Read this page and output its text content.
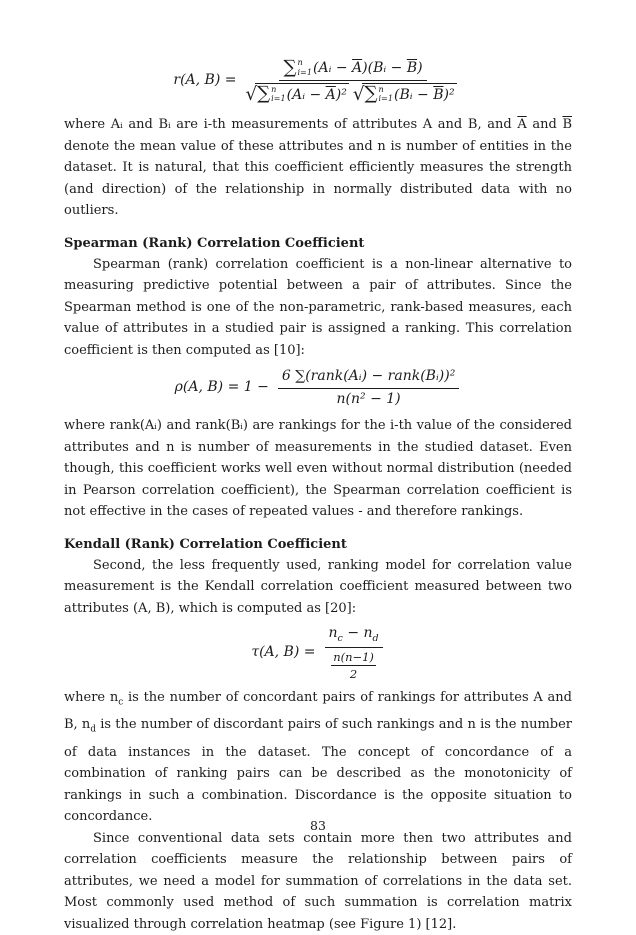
r(A, B) = ∑ n
i=1 (Aᵢ − $\overline{A})(Bᵢ - \overline{B})$
√ ∑ n
i=1 (Aᵢ − $\overline{A})^2$ √ ∑ n
i=1 (Bᵢ − $\overline{B})^2$

where Aᵢ and Bᵢ are i-th measurements of attributes A and B, and $\overline{A}$ and $\overline{B}$ denote the mean value of these attributes and n is number of entities in the dataset. It is natural, that this coefficient efficiently measures the strength (and direction) of the relationship in normally distributed data with no outliers.

Spearman (Rank) Correlation Coefficient

Spearman (rank) correlation coefficient is a non-linear alternative to measuring predictive potential between a pair of attributes. Since the Spearman method is one of the non-parametric, rank-based measures, each value of attributes in a studied pair is assigned a ranking. This correlation coefficient is then computed as [10]:

ρ(A, $B) = 1 - \frac{\text{6 ∑(rank(Aᵢ) − rank(Bᵢ))²}}{\text{n(n² − 1)}}$

where rank(Aᵢ) and rank(Bᵢ) are rankings for the i-th value of the considered attributes and n is number of measurements in the studied dataset. Even though, this coefficient works well even without normal distribution (needed in Pearson correlation coefficient), the Spearman correlation coefficient is not effective in the cases of repeated values - and therefore rankings.

Kendall (Rank) Correlation Coefficient

Second, the less frequently used, ranking model for correlation value measurement is the Kendall correlation coefficient measured between two attributes (A, B), which is computed as [20]:

τ(A, $B) = \frac{n_c - n_d}{\frac{n(n-1)}{2}}$

where $n_c$ is the number of concordant pairs of rankings for attributes A and B, $n_d$ is the number of discordant pairs of such rankings and n is the number of data instances in the dataset. The concept of concordance of a combination of ranking pairs can be described as the monotonicity of rankings in such a combination. Discordance is the opposite situation to concordance.

Since conventional data sets contain more then two attributes and correlation coefficients measure the relationship between pairs of attributes, we need a model for summation of correlations in the data set. Most commonly used method of such summation is correlation matrix visualized through correlation heatmap (see Figure 1) [12].

83
